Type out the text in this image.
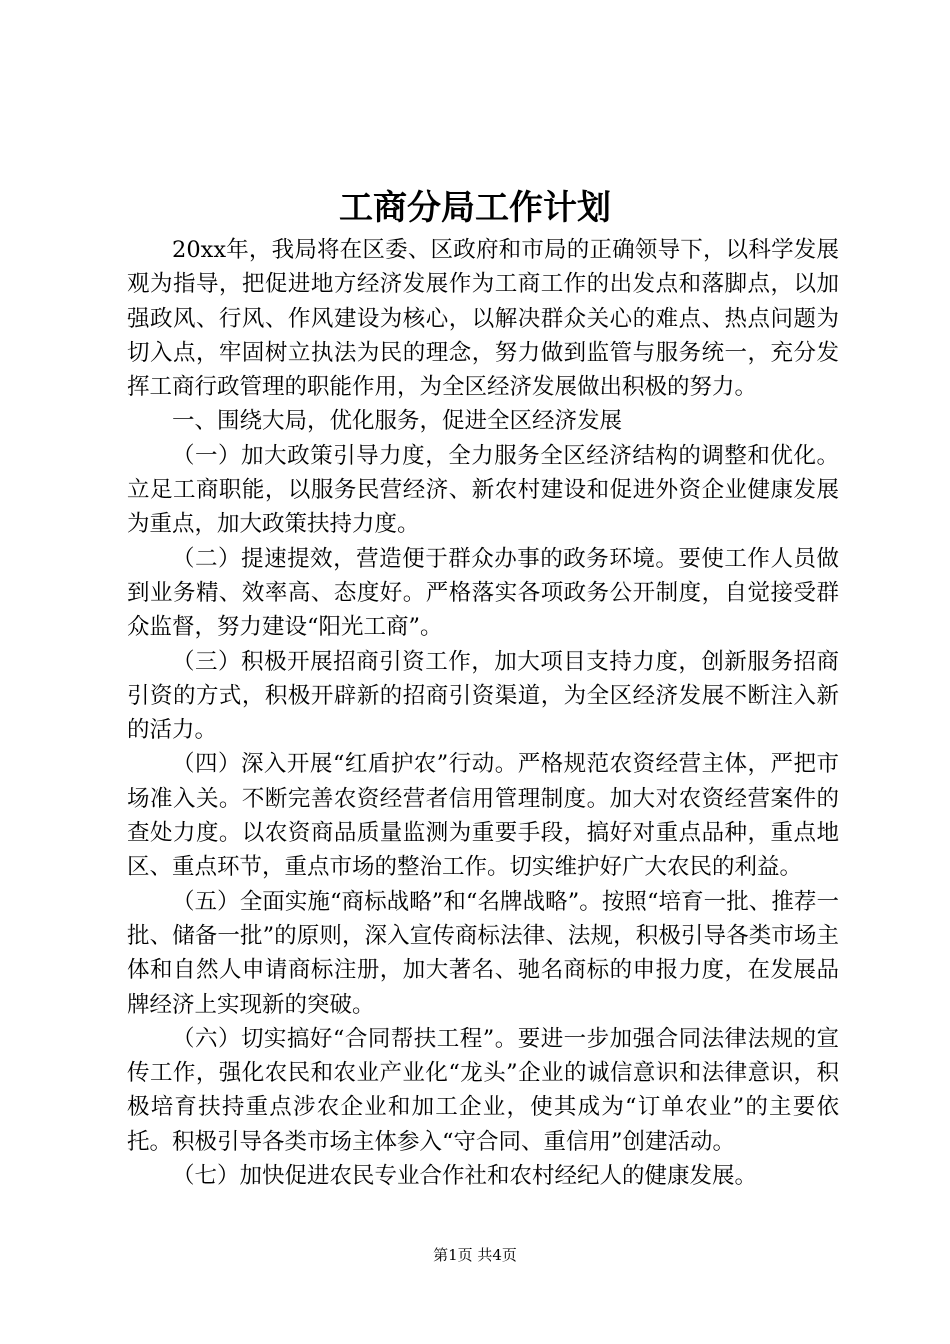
工商分局工作计划

20xx年，我局将在区委、区政府和市局的正确领导下，以科学发展观为指导，把促进地方经济发展作为工商工作的出发点和落脚点，以加强政风、行风、作风建设为核心，以解决群众关心的难点、热点问题为切入点，牢固树立执法为民的理念，努力做到监管与服务统一，充分发挥工商行政管理的职能作用，为全区经济发展做出积极的努力。

一、围绕大局，优化服务，促进全区经济发展

（一）加大政策引导力度，全力服务全区经济结构的调整和优化。立足工商职能，以服务民营经济、新农村建设和促进外资企业健康发展为重点，加大政策扶持力度。

（二）提速提效，营造便于群众办事的政务环境。要使工作人员做到业务精、效率高、态度好。严格落实各项政务公开制度，自觉接受群众监督，努力建设“阳光工商”。

（三）积极开展招商引资工作，加大项目支持力度，创新服务招商引资的方式，积极开辟新的招商引资渠道，为全区经济发展不断注入新的活力。

（四）深入开展“红盾护农”行动。严格规范农资经营主体，严把市场准入关。不断完善农资经营者信用管理制度。加大对农资经营案件的查处力度。以农资商品质量监测为重要手段，搞好对重点品种，重点地区、重点环节，重点市场的整治工作。切实维护好广大农民的利益。

（五）全面实施“商标战略”和“名牌战略”。按照“培育一批、推荐一批、储备一批”的原则，深入宣传商标法律、法规，积极引导各类市场主体和自然人申请商标注册，加大著名、驰名商标的申报力度，在发展品牌经济上实现新的突破。

（六）切实搞好“合同帮扶工程”。要进一步加强合同法律法规的宣传工作，强化农民和农业产业化“龙头”企业的诚信意识和法律意识，积极培育扶持重点涉农企业和加工企业，使其成为“订单农业”的主要依托。积极引导各类市场主体参入“守合同、重信用”创建活动。

（七）加快促进农民专业合作社和农村经纪人的健康发展。

第1页 共4页
